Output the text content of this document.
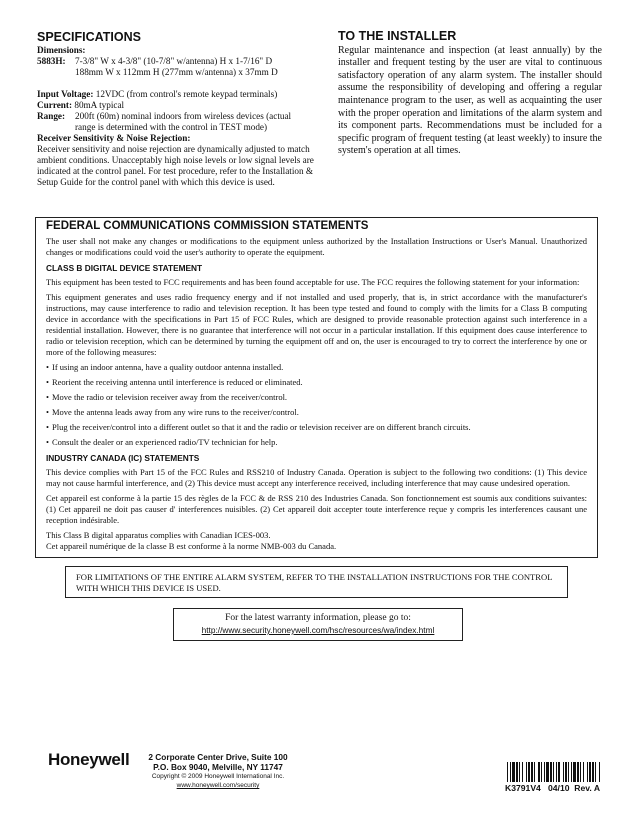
SPECIFICATIONS
Dimensions:
5883H:	7-3/8" W x 4-3/8" (10-7/8" w/antenna) H x 1-7/16" D
188mm W x 112mm H (277mm w/antenna) x 37mm D
Input Voltage: 12VDC (from control's remote keypad terminals)
Current: 80mA typical
Range:	200ft (60m) nominal indoors from wireless devices (actual
range is determined with the control in TEST mode)
Receiver Sensitivity & Noise Rejection:

Receiver sensitivity and noise rejection are dynamically adjusted to match ambient conditions. Unacceptably high noise levels or low signal levels are indicated at the control panel. For test procedure, refer to the Installation & Setup Guide for the control panel with which this device is used.

TO THE INSTALLER

Regular maintenance and inspection (at least annually) by the installer and frequent testing by the user are vital to continuous satisfactory operation of any alarm system. The installer should assume the responsibility of developing and offering a regular maintenance program to the user, as well as acquainting the user with the proper operation and limitations of the alarm system and its component parts. Recommendations must be included for a specific program of frequent testing (at least weekly) to insure the system's operation at all times.

FEDERAL COMMUNICATIONS COMMISSION STATEMENTS

The user shall not make any changes or modifications to the equipment unless authorized by the Installation Instructions or User's Manual. Unauthorized changes or modifications could void the user's authority to operate the equipment.

CLASS B DIGITAL DEVICE STATEMENT

This equipment has been tested to FCC requirements and has been found acceptable for use. The FCC requires the following statement for your information:

This equipment generates and uses radio frequency energy and if not installed and used properly, that is, in strict accordance with the manufacturer's instructions, may cause interference to radio and television reception. It has been type tested and found to comply with the limits for a Class B computing device in accordance with the specifications in Part 15 of FCC Rules, which are designed to provide reasonable protection against such interference in a residential installation. However, there is no guarantee that interference will not occur in a particular installation. If this equipment does cause interference to radio or television reception, which can be determined by turning the equipment off and on, the user is encouraged to try to correct the interference by one or more of the following measures:

• If using an indoor antenna, have a quality outdoor antenna installed.
• Reorient the receiving antenna until interference is reduced or eliminated.
• Move the radio or television receiver away from the receiver/control.
• Move the antenna leads away from any wire runs to the receiver/control.
• Plug the receiver/control into a different outlet so that it and the radio or television receiver are on different branch circuits.
• Consult the dealer or an experienced radio/TV technician for help.
INDUSTRY CANADA (IC) STATEMENTS

This device complies with Part 15 of the FCC Rules and RSS210 of Industry Canada. Operation is subject to the following two conditions: (1) This device may not cause harmful interference, and (2) This device must accept any interference received, including interference that may cause undesired operation.

Cet appareil est conforme à la partie 15 des règles de la FCC & de RSS 210 des Industries Canada. Son fonctionnement est soumis aux conditions suivantes: (1) Cet appareil ne doit pas causer d' interferences nuisibles. (2) Cet appareil doit accepter toute interference reçue y compris les interferences causant une reception indésirable.

This Class B digital apparatus complies with Canadian ICES-003.
Cet appareil numérique de la classe B est conforme à la norme NMB-003 du Canada.
FOR LIMITATIONS OF THE ENTIRE ALARM SYSTEM, REFER TO THE INSTALLATION INSTRUCTIONS FOR THE CONTROL WITH WHICH THIS DEVICE IS USED.
For the latest warranty information, please go to:
http://www.security.honeywell.com/hsc/resources/wa/index.html
Honeywell	2 Corporate Center Drive, Suite 100
P.O. Box 9040, Melville, NY 11747
Copyright © 2009 Honeywell International Inc.
www.honeywell.com/security	K3791V4   04/10  Rev. A
